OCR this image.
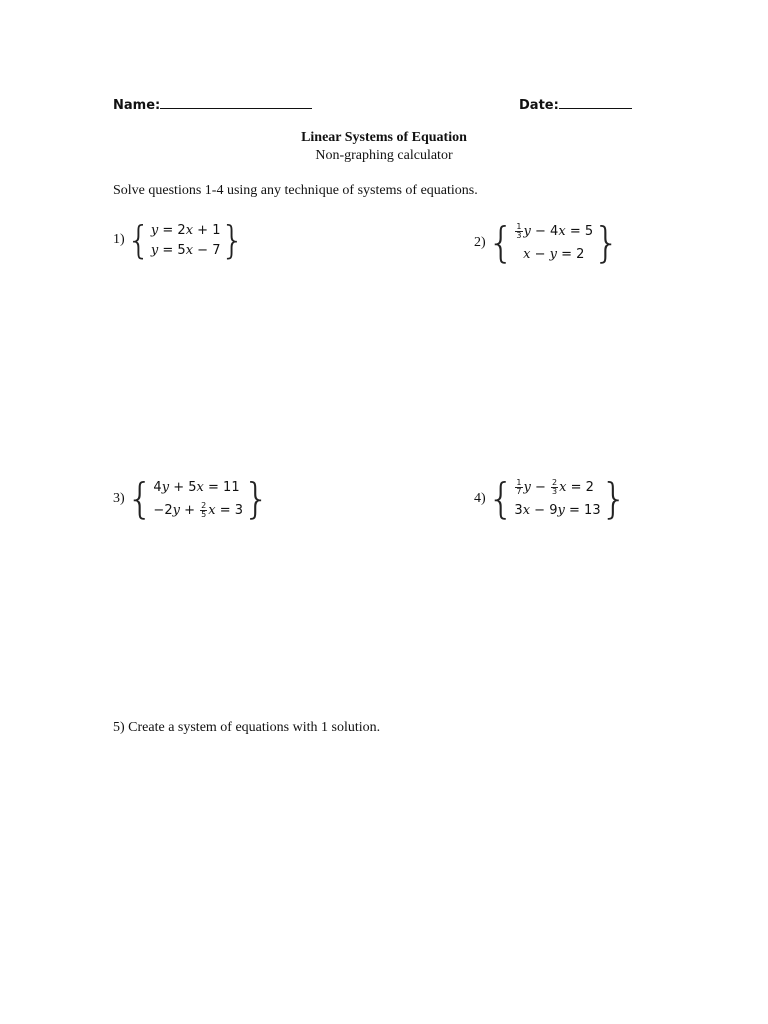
Name:	Date:
Linear Systems of Equation
Non-graphing calculator
Solve questions 1-4 using any technique of systems of equations.
1) { y
=
2 x
+
1
y
=
5 x
−
7 }	2) { $\frac{1}{3}$ y
−
4 x
=
5
x
−
y
=
2 }
3) { 4 y
+
5 x
=
11
− 2 y
+
$\frac{2}{5}$ x
=
3 }	4) { $\frac{1}{7}$ y
−
$\frac{2}{3}$ x
=
2
3 x
−
9 y
=
13 }
5) Create a system of equations with 1 solution.
